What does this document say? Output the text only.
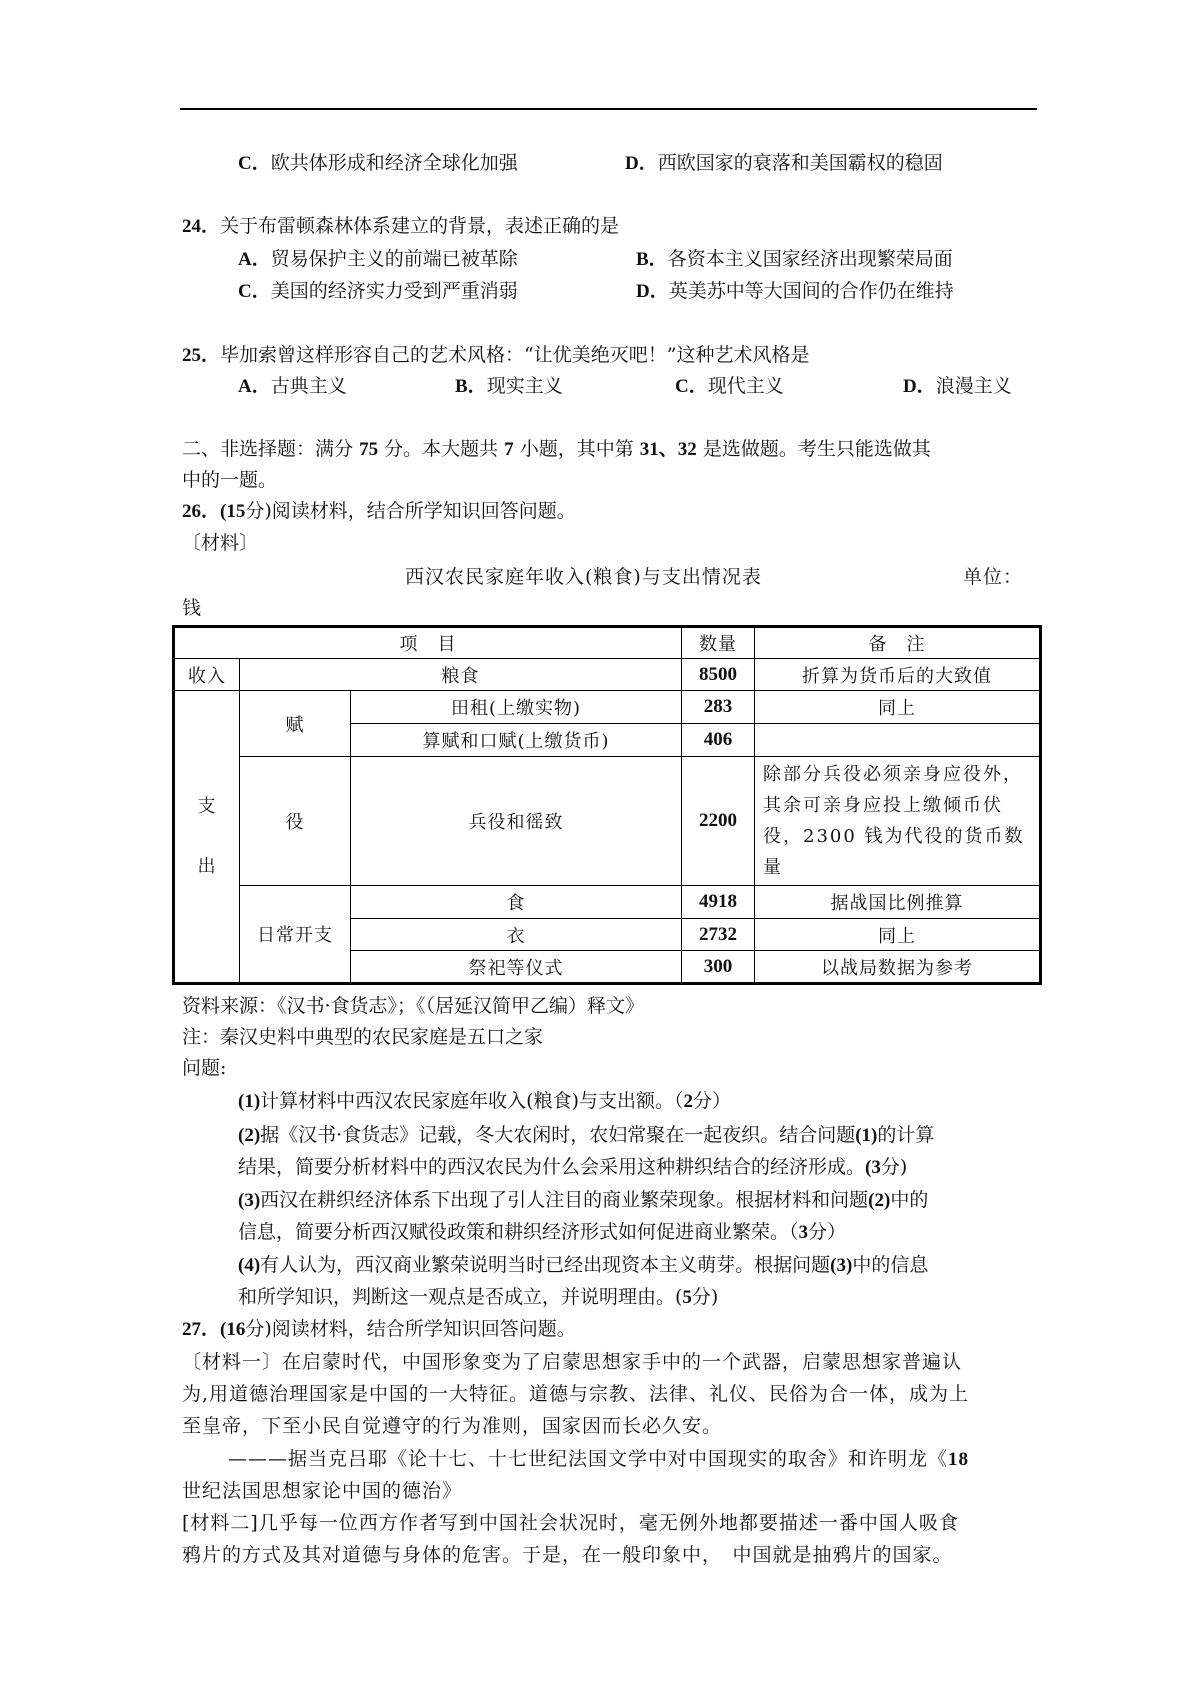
C．欧共体形成和经济全球化加强	D．西欧国家的衰落和美国霸权的稳固
24．关于布雷顿森林体系建立的背景，表述正确的是
A．贸易保护主义的前端已被革除	B．各资本主义国家经济出现繁荣局面
C．美国的经济实力受到严重消弱	D．英美苏中等大国间的合作仍在维持
25．毕加索曾这样形容自己的艺术风格：“让优美绝灭吧！”这种艺术风格是
A．古典主义	B．现实主义	C．现代主义	D．浪漫主义
二、非选择题：满分 75 分。本大题共 7 小题，其中第 31、32 是选做题。考生只能选做其
中的一题。
26．(15分)阅读材料，结合所学知识回答问题。
〔材料〕
西汉农民家庭年收入(粮食)与支出情况表	单位：
钱
项　目			数量	备　注
收入	粮食		8500	折算为货币后的大致值

支
出	赋	田租(上缴实物)	283	同上
		算赋和口赋(上缴货币)	406	
	役	兵役和徭致	2200	除部分兵役必须亲身应役外，其余可亲身应投上缴倾币伏役，2300 钱为代役的货币数量
	日常开支	食	4918	据战国比例推算
		衣	2732	同上
		祭祀等仪式	300	以战局数据为参考
资料来源：《汉书·食货志》；《（居延汉简甲乙编）释文》
注：秦汉史料中典型的农民家庭是五口之家
问题:
(1)计算材料中西汉农民家庭年收入(粮食)与支出额。（2分）
(2)据《汉书·食货志》记载，冬大农闲时，农妇常聚在一起夜织。结合问题(1)的计算
结果，简要分析材料中的西汉农民为什么会采用这种耕织结合的经济形成。(3分)
(3)西汉在耕织经济体系下出现了引人注目的商业繁荣现象。根据材料和问题(2)中的
信息，简要分析西汉赋役政策和耕织经济形式如何促进商业繁荣。（3分）
(4)有人认为，西汉商业繁荣说明当时已经出现资本主义萌芽。根据问题(3)中的信息
和所学知识，判断这一观点是否成立，并说明理由。(5分)
27．(16分)阅读材料，结合所学知识回答问题。
〔材料一〕在启蒙时代，中国形象变为了启蒙思想家手中的一个武器，启蒙思想家普遍认
为,用道德治理国家是中国的一大特征。道德与宗教、法律、礼仪、民俗为合一体，成为上
至皇帝，下至小民自觉遵守的行为准则，国家因而长必久安。
———据当克吕耶《论十七、十七世纪法国文学中对中国现实的取舍》和许明龙《18
世纪法国思想家论中国的德治》
[材料二]几乎每一位西方作者写到中国社会状况时，毫无例外地都要描述一番中国人吸食
鸦片的方式及其对道德与身体的危害。于是，在一般印象中，　中国就是抽鸦片的国家。
